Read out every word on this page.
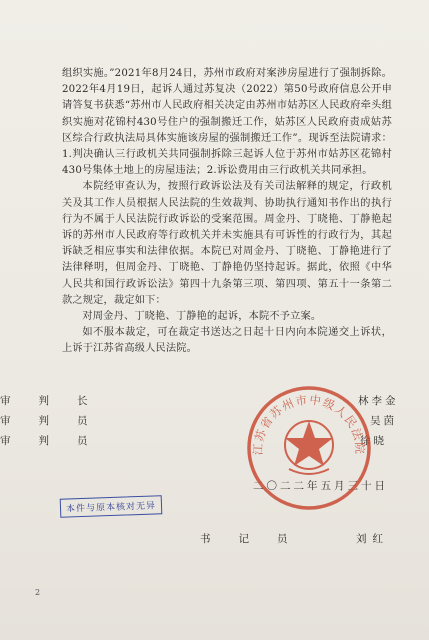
组织实施。”2021年8月24日，苏州市政府对案涉房屋进行了强制拆除。2022年4月19日，起诉人通过苏复决（2022）第50号政府信息公开申请答复书获悉“苏州市人民政府相关决定由苏州市姑苏区人民政府牵头组织实施对花锦村430号住户的强制搬迁工作，姑苏区人民政府责成姑苏区综合行政执法局具体实施该房屋的强制搬迁工作”。现诉至法院请求：1.判决确认三行政机关共同强制拆除三起诉人位于苏州市姑苏区花锦村430号集体土地上的房屋违法；2.诉讼费用由三行政机关共同承担。

本院经审查认为，按照行政诉讼法及有关司法解释的规定，行政机关及其工作人员根据人民法院的生效裁判、协助执行通知书作出的执行行为不属于人民法院行政诉讼的受案范围。周金丹、丁晓艳、丁静艳起诉的苏州市人民政府等行政机关并未实施具有可诉性的行政行为，其起诉缺乏相应事实和法律依据。本院已对周金丹、丁晓艳、丁静艳进行了法律释明，但周金丹、丁晓艳、丁静艳仍坚持起诉。据此，依照《中华人民共和国行政诉讼法》第四十九条第三项、第四项、第五十一条第二款之规定，裁定如下：

对周金丹、丁晓艳、丁静艳的起诉，本院不予立案。

如不服本裁定，可在裁定书送达之日起十日内向本院递交上诉状，上诉于江苏省高级人民法院。

审判长	林李金
审判员	吴茵
审判员	徐晓
二〇二二年五月三十日
书记员	刘红
本件与原本核对无异
江苏省苏州市中级人民法院
2
